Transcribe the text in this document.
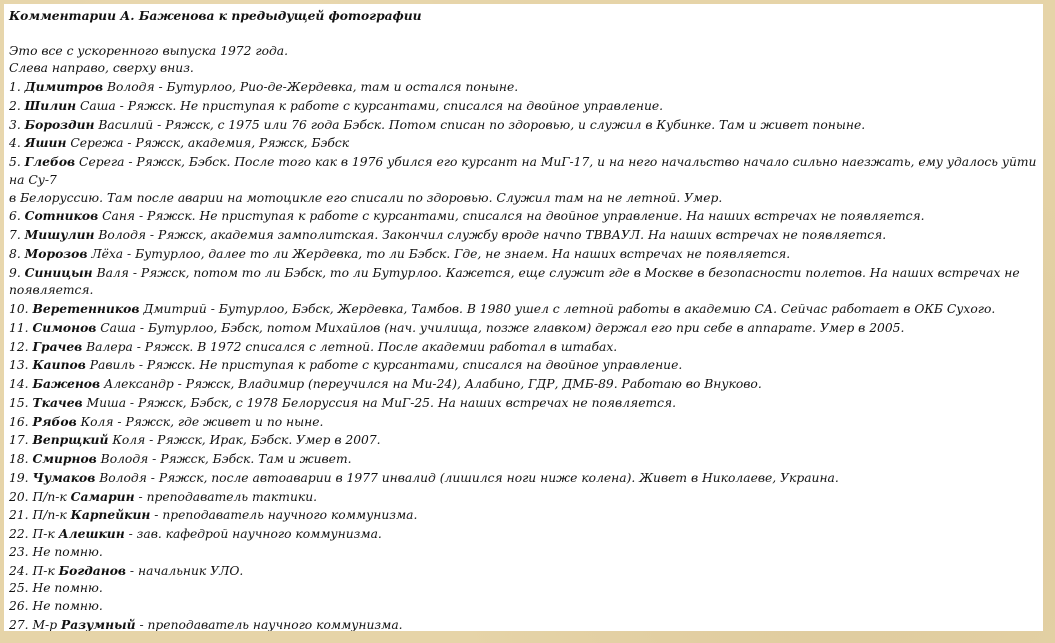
Комментарии А. Баженова к предыдущей фотографии
Это все с ускоренного выпуска 1972 года.
Слева направо, сверху вниз.
1. Димитров Володя - Бутурлоо, Рио-де-Жердевка, там и остался поныне.
2. Шилин Саша - Ряжск. Не приступая к работе с курсантами, списался на двойное управление.
3. Бороздин Василий - Ряжск, с 1975 или 76 года Бэбск. Потом списан по здоровью, и служил в Кубинке. Там и живет поныне.
4. Яшин Сережа - Ряжск, академия, Ряжск, Бэбск
5. Глебов Серега - Ряжск, Бэбск. После того как в 1976 убился его курсант на МиГ-17, и на него начальство начало сильно наезжать, ему удалось уйти на Су-7
в Белоруссию. Там после аварии на мотоцикле его списали по здоровью. Служил там на не летной. Умер.
6. Сотников Саня - Ряжск. Не приступая к работе с курсантами, списался на двойное управление. На наших встречах не появляется.
7. Мишулин Володя - Ряжск, академия замполитская. Закончил службу вроде начпо ТВВАУЛ. На наших встречах не появляется.
8. Морозов Лёха - Бутурлоо, далее то ли Жердевка, то ли Бэбск. Где, не знаем. На наших встречах не появляется.
9. Синицын Валя - Ряжск, потом то ли Бэбск, то ли Бутурлоо. Кажется, еще служит где в Москве в безопасности полетов. На наших встречах не появляется.
10. Веретенников Дмитрий - Бутурлоо, Бэбск, Жердевка, Тамбов. В 1980 ушел с летной работы в академию СА. Сейчас работает в ОКБ Сухого.
11. Симонов Саша - Бутурлоо, Бэбск, потом Михайлов (нач. училища, позже главком) держал его при себе в аппарате. Умер в 2005.
12. Грачев Валера - Ряжск. В 1972 списался с летной. После академии работал в штабах.
13. Каипов Равиль - Ряжск. Не приступая к работе с курсантами, списался на двойное управление.
14. Баженов Александр - Ряжск, Владимир (переучился на Ми-24), Алабино, ГДР, ДМБ-89. Работаю во Внуково.
15. Ткачев Миша - Ряжск, Бэбск, с 1978 Белоруссия на МиГ-25. На наших встречах не появляется.
16. Рябов Коля - Ряжск, где живет и по ныне.
17. Вепрщкий Коля - Ряжск, Ирак, Бэбск. Умер в 2007.
18. Смирнов Володя - Ряжск, Бэбск. Там и живет.
19. Чумаков Володя - Ряжск, после автоаварии в 1977 инвалид (лишился ноги ниже колена). Живет в Николаеве, Украина.
20. П/п-к Самарин - преподаватель тактики.
21. П/п-к Карпейкин - преподаватель научного коммунизма.
22. П-к Алешкин - зав. кафедрой научного коммунизма.
23. Не помню.
24. П-к Богданов - начальник УЛО.
25. Не помню.
26. Не помню.
27. М-р Разумный - преподаватель научного коммунизма.
